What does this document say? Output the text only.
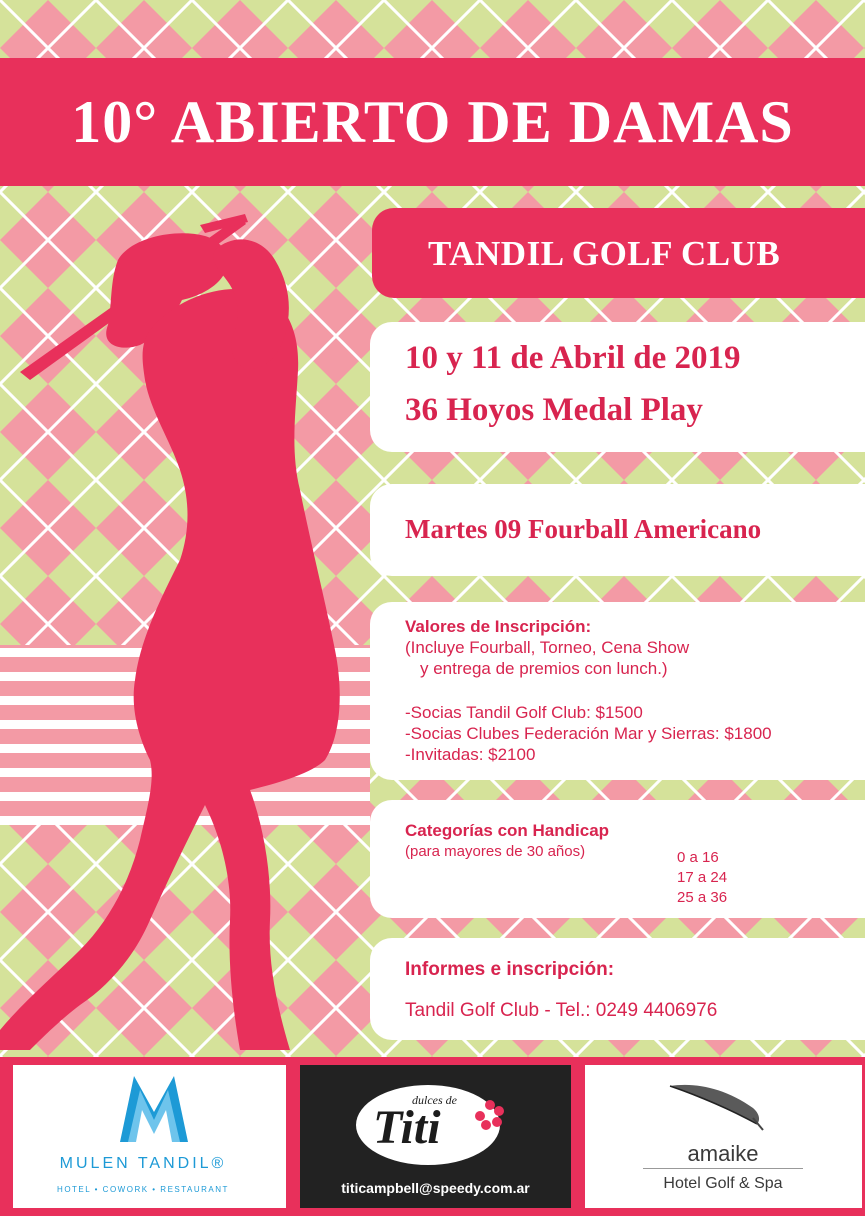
10° ABIERTO DE DAMAS
TANDIL GOLF CLUB
10 y 11 de Abril de 2019
36 Hoyos Medal Play
Martes 09 Fourball Americano
Valores de Inscripción:
(Incluye Fourball, Torneo, Cena Show
y entrega de premios con lunch.)
-Socias Tandil Golf Club: $1500
-Socias Clubes Federación Mar y Sierras: $1800
-Invitadas: $2100
Categorías con Handicap
(para mayores de 30 años)	0 a 16
17 a 24
25 a 36
Informes e inscripción:
Tandil Golf Club - Tel.: 0249 4406976
MULEN TANDIL®
HOTEL • COWORK • RESTAURANT
dulces de
Titi
titicampbell@speedy.com.ar
amaike
Hotel Golf & Spa
